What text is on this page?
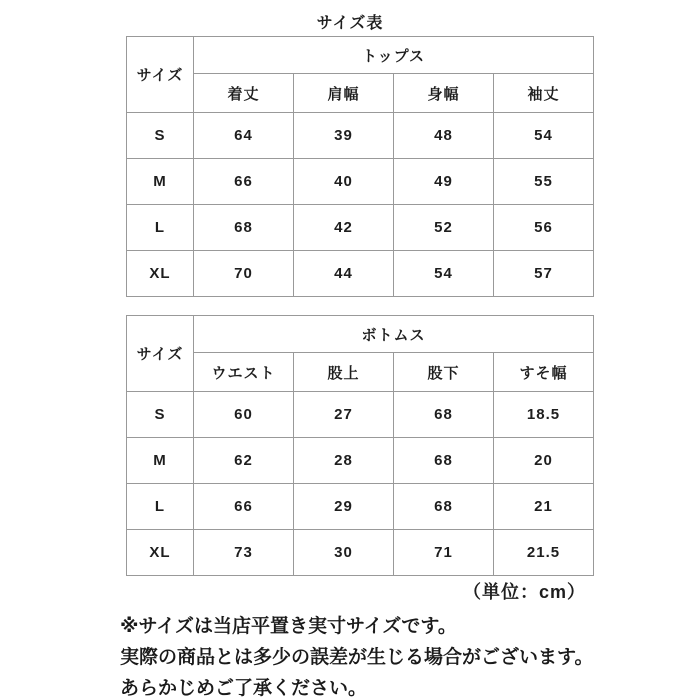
サイズ表
サイズ	トップス			
	着丈	肩幅	身幅	袖丈
S	64	39	48	54
M	66	40	49	55
L	68	42	52	56
XL	70	44	54	57
サイズ	ボトムス			
	ウエスト	股上	股下	すそ幅
S	60	27	68	18.5
M	62	28	68	20
L	66	29	68	21
XL	73	30	71	21.5
（単位：cm）
※サイズは当店平置き実寸サイズです。
実際の商品とは多少の誤差が生じる場合がございます。
あらかじめご了承ください。
